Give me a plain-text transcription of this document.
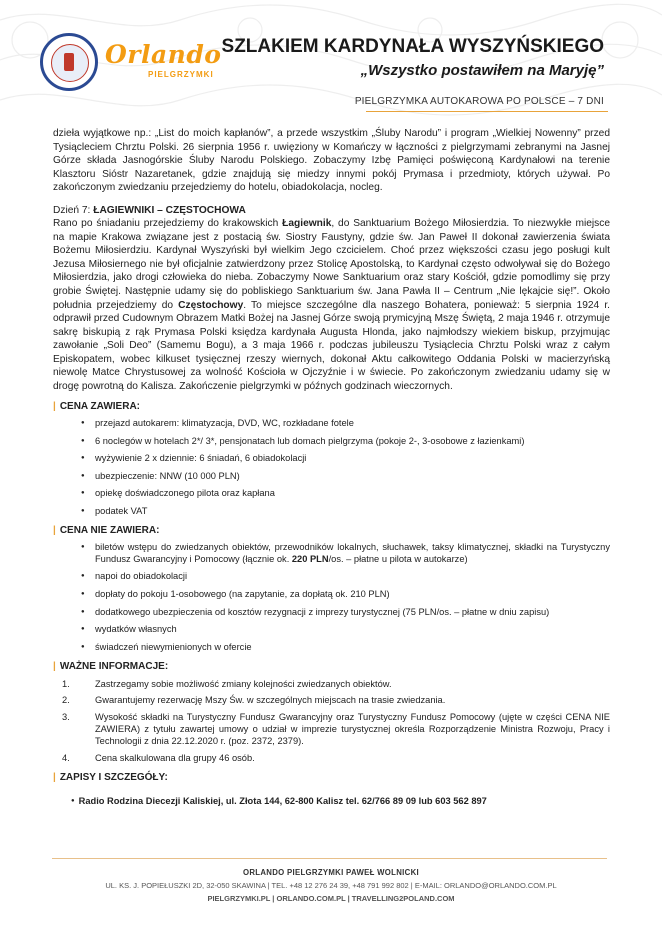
Orlando
PIELGRZYMKI
SZLAKIEM KARDYNAŁA WYSZYŃSKIEGO
„Wszystko postawiłem na Maryję”
PIELGRZYMKA AUTOKAROWA PO POLSCE – 7 DNI

dzieła wyjątkowe np.: „List do moich kapłanów”, a przede wszystkim „Śluby Narodu” i program „Wielkiej Nowenny” przed Tysiącleciem Chrztu Polski. 26 sierpnia 1956 r. uwięziony w Komańczy w łączności z pielgrzymami zebranymi na Jasnej Górze składa Jasnogórskie Śluby Narodu Polskiego. Zobaczymy Izbę Pamięci poświęconą Kardynałowi na terenie Klasztoru Sióstr Nazaretanek, gdzie znajdują się miedzy innymi pokój Prymasa i przedmioty, których używał. Po zakończonym zwiedzaniu przejedziemy do hotelu, obiadokolacja, nocleg.

Dzień 7: ŁAGIEWNIKI – CZĘSTOCHOWA
Rano po śniadaniu przejedziemy do krakowskich Łagiewnik, do Sanktuarium Bożego Miłosierdzia. To niezwykłe miejsce na mapie Krakowa związane jest z postacią św. Siostry Faustyny, gdzie św. Jan Paweł II dokonał zawierzenia świata Bożemu Miłosierdziu. Kardynał Wyszyński był wielkim Jego czcicielem. Choć przez większości czasu jego posługi kult Jezusa Miłosiernego nie był oficjalnie zatwierdzony przez Stolicę Apostolską, to Kardynał często odwoływał się do Bożego Miłosierdzia, jako drogi człowieka do nieba. Zobaczymy Nowe Sanktuarium oraz stary Kościół, gdzie pomodlimy się przy grobie Świętej. Następnie udamy się do pobliskiego Sanktuarium św. Jana Pawła II – Centrum „Nie lękajcie się!”. Około południa przejedziemy do Częstochowy. To miejsce szczególne dla naszego Bohatera, ponieważ: 5 sierpnia 1924 r. odprawił przed Cudownym Obrazem Matki Bożej na Jasnej Górze swoją prymicyjną Mszę Świętą, 2 maja 1946 r. otrzymuje sakrę biskupią z rąk Prymasa Polski księdza kardynała Augusta Hlonda, jako najmłodszy wiekiem biskup, przyjmując zawołanie „Soli Deo” (Samemu Bogu), a 3 maja 1966 r. podczas jubileuszu Tysiąclecia Chrztu Polski wraz z całym Episkopatem, wobec kilkuset tysięcznej rzeszy wiernych, dokonał Aktu całkowitego Oddania Polski w macierzyńską niewolę Matce Chrystusowej za wolność Kościoła w Ojczyźnie i w świecie. Po zakończonym zwiedzaniu udamy się w drogę powrotną do Kalisza. Zakończenie pielgrzymki w późnych godzinach wieczornych.

| CENA ZAWIERA:
● przejazd autokarem: klimatyzacja, DVD, WC, rozkładane fotele
● 6 noclegów w hotelach 2*/ 3*, pensjonatach lub domach pielgrzyma (pokoje 2-, 3-osobowe z łazienkami)
● wyżywienie 2 x dziennie: 6 śniadań, 6 obiadokolacji
● ubezpieczenie: NNW (10 000 PLN)
● opiekę doświadczonego pilota oraz kapłana
● podatek VAT
| CENA NIE ZAWIERA:
● biletów wstępu do zwiedzanych obiektów, przewodników lokalnych, słuchawek, taksy klimatycznej, składki na Turystyczny Fundusz Gwarancyjny i Pomocowy (łącznie ok. 220 PLN/os. – płatne u pilota w autokarze)
● napoi do obiadokolacji
● dopłaty do pokoju 1-osobowego (na zapytanie, za dopłatą ok. 210 PLN)
● dodatkowego ubezpieczenia od kosztów rezygnacji z imprezy turystycznej (75 PLN/os. – płatne w dniu zapisu)
● wydatków własnych
● świadczeń niewymienionych w ofercie
| WAŻNE INFORMACJE:
1.	Zastrzegamy sobie możliwość zmiany kolejności zwiedzanych obiektów.
2.	Gwarantujemy rezerwację Mszy Św. w szczególnych miejscach na trasie zwiedzania.
3.	Wysokość składki na Turystyczny Fundusz Gwarancyjny oraz Turystyczny Fundusz Pomocowy (ujęte w części CENA NIE ZAWIERA) z tytułu zawartej umowy o udział w imprezie turystycznej określa Rozporządzenie Ministra Rozwoju, Pracy i Technologii z dnia 22.12.2020 r. (poz. 2372, 2379).
4.	Cena skalkulowana dla grupy 46 osób.
| ZAPISY I SZCZEGÓŁY:
● Radio Rodzina Diecezji Kaliskiej, ul. Złota 144, 62-800 Kalisz tel. 62/766 89 09 lub 603 562 897
ORLANDO PIELGRZYMKI PAWEŁ WOLNICKI
UL. KS. J. POPIEŁUSZKI 2D, 32-050 SKAWINA | TEL. +48 12 276 24 39, +48 791 992 802 | E-MAIL: ORLANDO@ORLANDO.COM.PL
PIELGRZYMKI.PL | ORLANDO.COM.PL | TRAVELLING2POLAND.COM
